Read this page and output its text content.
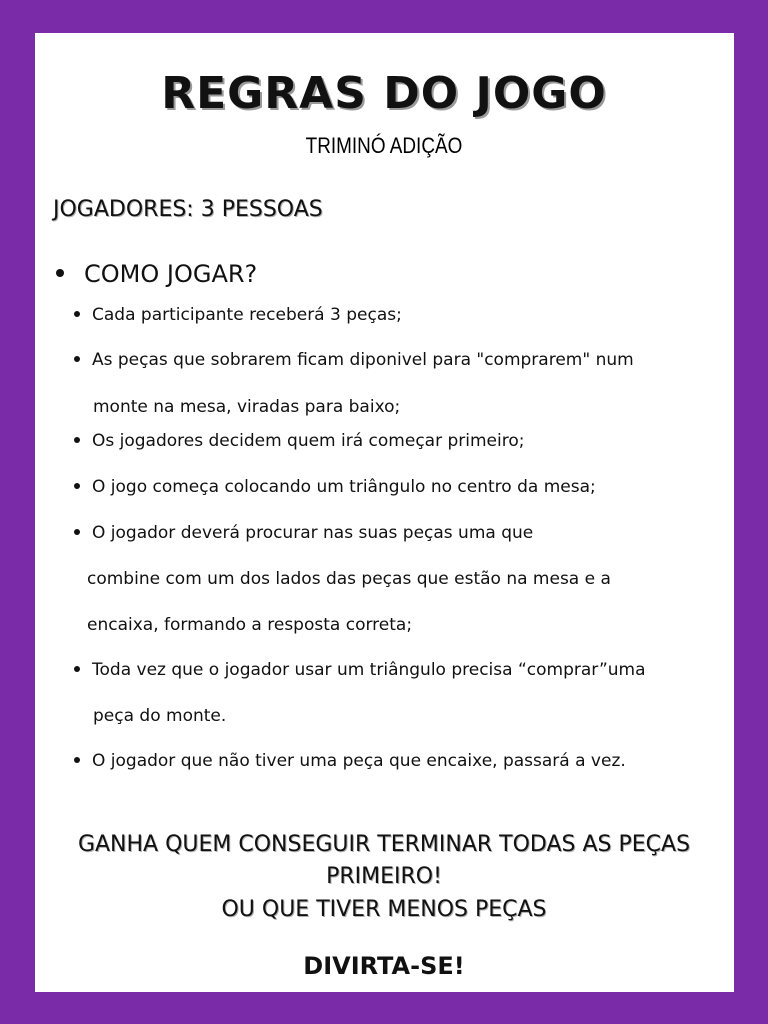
REGRAS DO JOGO
TRIMINÓ ADIÇÃO
JOGADORES: 3 PESSOAS
COMO JOGAR?
Cada participante receberá 3 peças;
As peças que sobrarem ficam diponivel para "comprarem" num
monte na mesa, viradas para baixo;
Os jogadores decidem quem irá começar primeiro;
O jogo começa colocando um triângulo no centro da mesa;
O jogador deverá procurar nas suas peças uma que
combine com um dos lados das peças que estão na mesa e a
encaixa, formando a resposta correta;
Toda vez que o jogador usar um triângulo precisa “comprar”uma
peça do monte.
O jogador que não tiver uma peça que encaixe, passará a vez.
GANHA QUEM CONSEGUIR TERMINAR TODAS AS PEÇAS
PRIMEIRO!
OU QUE TIVER MENOS PEÇAS
DIVIRTA-SE!
